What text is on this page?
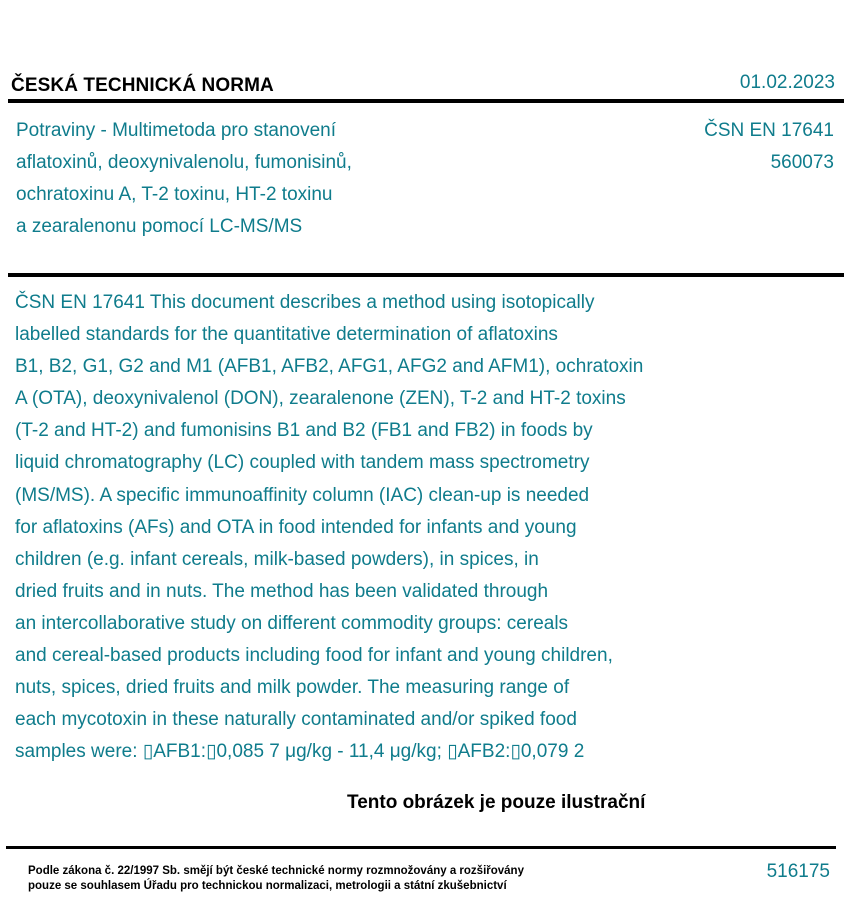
ČESKÁ TECHNICKÁ NORMA	01.02.2023
Potraviny - Multimetoda pro stanovení
aflatoxinů, deoxynivalenolu, fumonisinů,
ochratoxinu A, T-2 toxinu, HT-2 toxinu
a zearalenonu pomocí LC-MS/MS
ČSN EN 17641
560073
ČSN EN 17641 This document describes a method using isotopically
labelled standards for the quantitative determination of aflatoxins
B1, B2, G1, G2 and M1 (AFB1, AFB2, AFG1, AFG2 and AFM1), ochratoxin
A (OTA), deoxynivalenol (DON), zearalenone (ZEN), T-2 and HT-2 toxins
(T-2 and HT-2) and fumonisins B1 and B2 (FB1 and FB2) in foods by
liquid chromatography (LC) coupled with tandem mass spectrometry
(MS/MS). A specific immunoaffinity column (IAC) clean-up is needed
for aflatoxins (AFs) and OTA in food intended for infants and young
children (e.g. infant cereals, milk-based powders), in spices, in
dried fruits and in nuts. The method has been validated through
an intercollaborative study on different commodity groups: cereals
and cereal-based products including food for infant and young children,
nuts, spices, dried fruits and milk powder. The measuring range of
each mycotoxin in these naturally contaminated and/or spiked food
samples were: ▯AFB1:▯0,085 7 μg/kg - 11,4 μg/kg; ▯AFB2:▯0,079 2
Tento obrázek je pouze ilustrační
Podle zákona č. 22/1997 Sb. smějí být české technické normy rozmnožovány a rozšiřovány
pouze se souhlasem Úřadu pro technickou normalizaci, metrologii a státní zkušebnictví
516175
